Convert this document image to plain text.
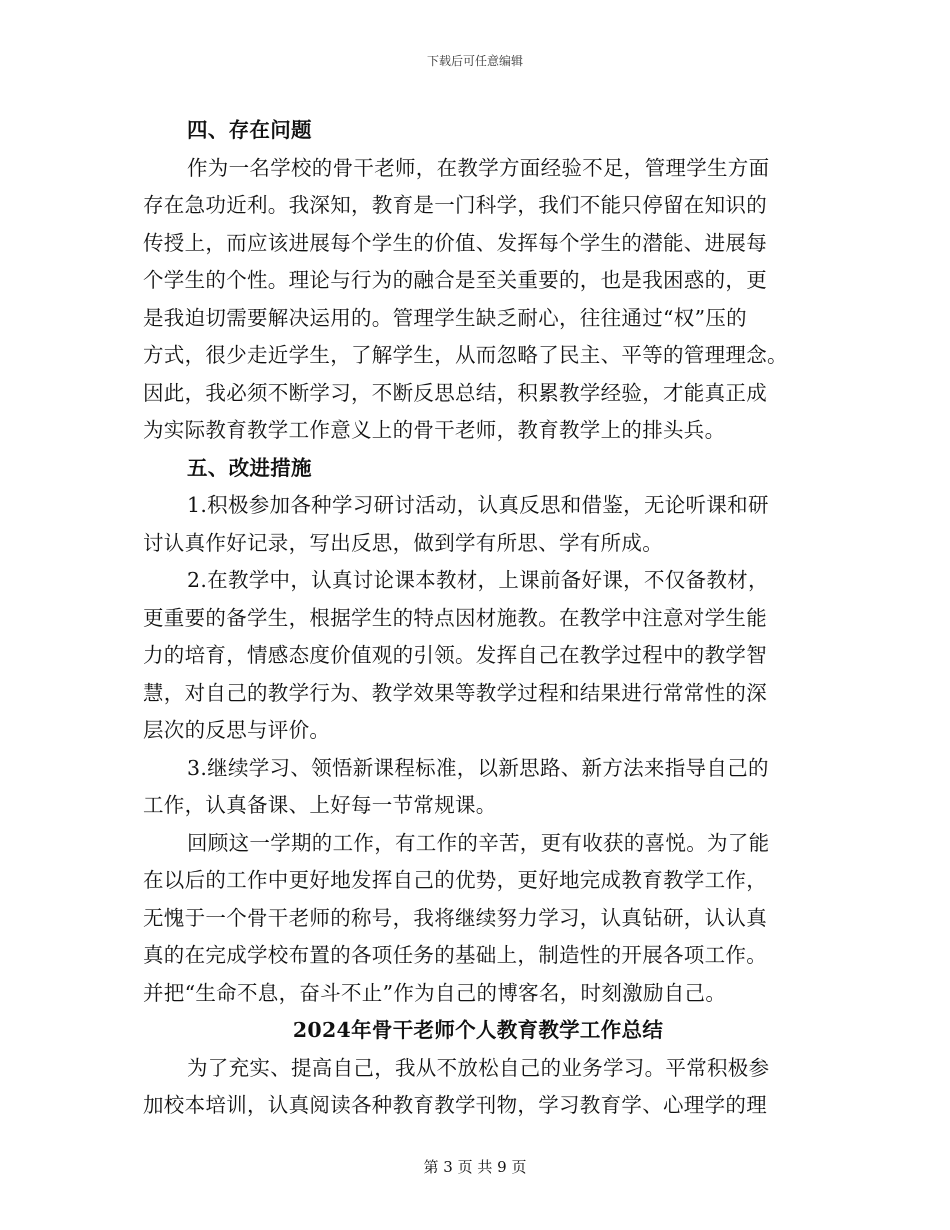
下载后可任意编辑
四、存在问题
作为一名学校的骨干老师，在教学方面经验不足，管理学生方面
存在急功近利。我深知，教育是一门科学，我们不能只停留在知识的
传授上，而应该进展每个学生的价值、发挥每个学生的潜能、进展每
个学生的个性。理论与行为的融合是至关重要的，也是我困惑的，更
是我迫切需要解决运用的。管理学生缺乏耐心，往往通过“权”压的
方式，很少走近学生，了解学生，从而忽略了民主、平等的管理理念。
因此，我必须不断学习，不断反思总结，积累教学经验，才能真正成
为实际教育教学工作意义上的骨干老师，教育教学上的排头兵。
五、改进措施
1.积极参加各种学习研讨活动，认真反思和借鉴，无论听课和研
讨认真作好记录，写出反思，做到学有所思、学有所成。
2.在教学中，认真讨论课本教材，上课前备好课，不仅备教材，
更重要的备学生，根据学生的特点因材施教。在教学中注意对学生能
力的培育，情感态度价值观的引领。发挥自己在教学过程中的教学智
慧，对自己的教学行为、教学效果等教学过程和结果进行常常性的深
层次的反思与评价。
3.继续学习、领悟新课程标准，以新思路、新方法来指导自己的
工作，认真备课、上好每一节常规课。
回顾这一学期的工作，有工作的辛苦，更有收获的喜悦。为了能
在以后的工作中更好地发挥自己的优势，更好地完成教育教学工作，
无愧于一个骨干老师的称号，我将继续努力学习，认真钻研，认认真
真的在完成学校布置的各项任务的基础上，制造性的开展各项工作。
并把“生命不息，奋斗不止”作为自己的博客名，时刻激励自己。
2024年骨干老师个人教育教学工作总结
为了充实、提高自己，我从不放松自己的业务学习。平常积极参
加校本培训，认真阅读各种教育教学刊物，学习教育学、心理学的理
第 3 页 共 9 页
